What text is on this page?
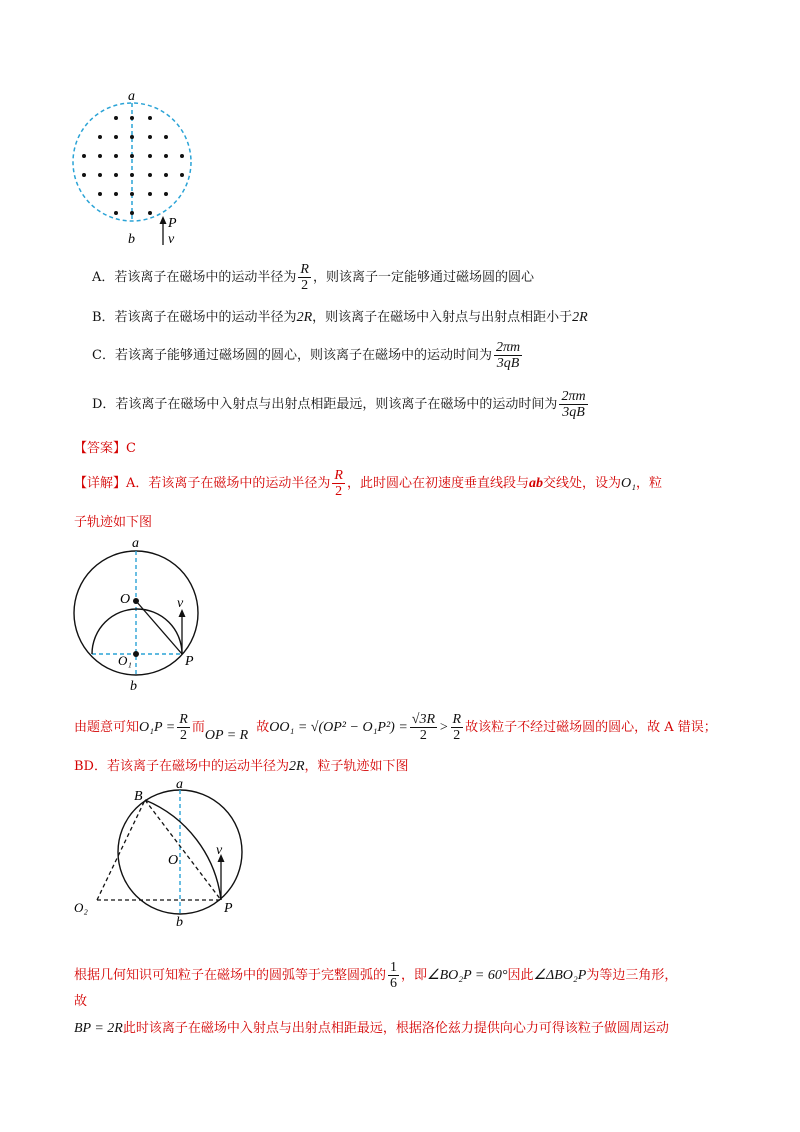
a
b
P
v
A．若该离子在磁场中的运动半径为 $\frac{R}{2}$ ，则该离子一定能够通过磁场圆的圆心
B．若该离子在磁场中的运动半径为2R，则该离子在磁场中入射点与出射点相距小于2R
C．若该离子能够通过磁场圆的圆心，则该离子在磁场中的运动时间为 $\frac{2\pi m}{3qB}$
D．若该离子在磁场中入射点与出射点相距最远，则该离子在磁场中的运动时间为 $\frac{2\pi m}{3qB}$
【答案】C
【详解】A．若该离子在磁场中的运动半径为 $\frac{R}{2}$ ，此时圆心在初速度垂直线段与ab交线处，设为O₁，粒
子轨迹如下图
a
O	v
O₁	P
b
由题意可知$O_1P = \frac{R}{2}$ 而OP = R故$OO_1 = √(OP^2 - O_1P^2) = \frac{√3R}{2} > \frac{R}{2}$ 故该粒子不经过磁场圆的圆心，故 A 错误；
BD．若该离子在磁场中的运动半径为2R，粒子轨迹如下图
B
a
O
v
O₂	P
b
根据几何知识可知粒子在磁场中的圆弧等于完整圆弧的 $\frac{1}{6}$ ，即∠BO₂P = 60°因此∠ΔBO₂P为等边三角形，
故
BP = 2R此时该离子在磁场中入射点与出射点相距最远，根据洛伦兹力提供向心力可得该粒子做圆周运动
